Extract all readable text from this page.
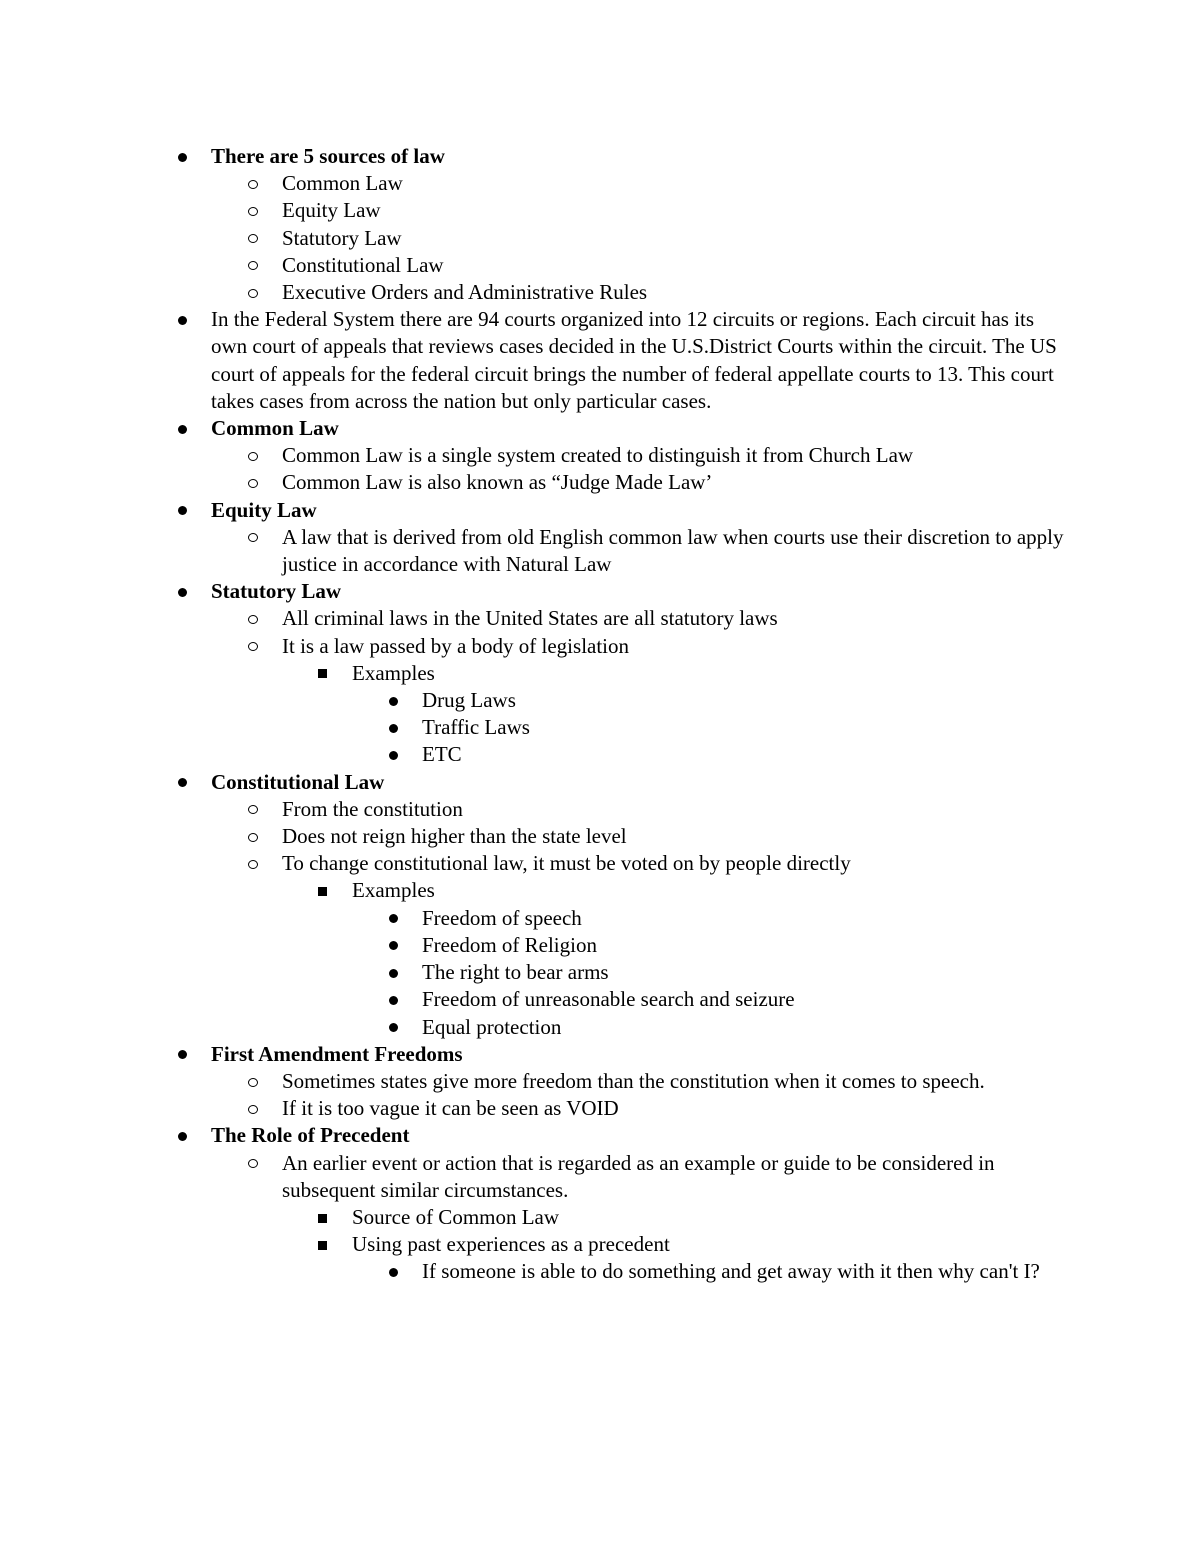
There are 5 sources of law
Common Law
Equity Law
Statutory Law
Constitutional Law
Executive Orders and Administrative Rules
In the Federal System there are 94 courts organized into 12 circuits or regions. Each circuit has its own court of appeals that reviews cases decided in the U.S.District Courts within the circuit. The US court of appeals for the federal circuit brings the number of federal appellate courts to 13. This court takes cases from across the nation but only particular cases.
Common Law
Common Law is a single system created to distinguish it from Church Law
Common Law is also known as “Judge Made Law’
Equity Law
A law that is derived from old English common law when courts use their discretion to apply justice in accordance with Natural Law
Statutory Law
All criminal laws in the United States are all statutory laws
It is a law passed by a body of legislation
Examples
Drug Laws
Traffic Laws
ETC
Constitutional Law
From the constitution
Does not reign higher than the state level
To change constitutional law, it must be voted on by people directly
Examples
Freedom of speech
Freedom of Religion
The right to bear arms
Freedom of unreasonable search and seizure
Equal protection
First Amendment Freedoms
Sometimes states give more freedom than the constitution when it comes to speech.
If it is too vague it can be seen as VOID
The Role of Precedent
An earlier event or action that is regarded as an example or guide to be considered in subsequent similar circumstances.
Source of Common Law
Using past experiences as a precedent
If someone is able to do something and get away with it then why can't I?
